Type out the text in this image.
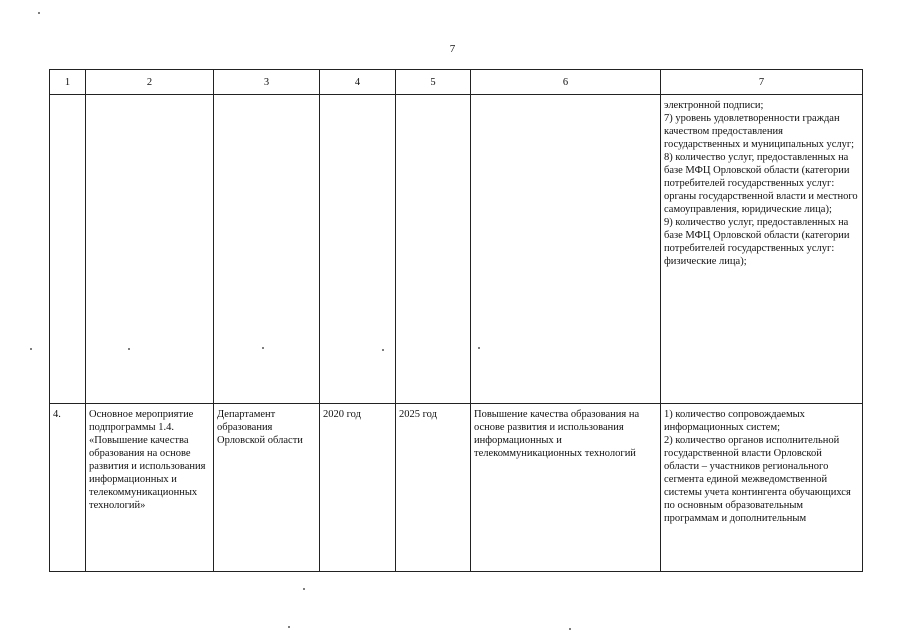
7
1	2	3	4	5	6	7

						электронной подписи;

7) уровень удовлетворенности граждан качеством предоставления государственных и муниципальных услуг;

8) количество услуг, предоставленных на базе МФЦ Орловской области (категории потребителей государственных услуг: органы государственной власти и местного самоуправления, юридические лица);

9) количество услуг, предоставленных на базе МФЦ Орловской области (категории потребителей государственных услуг: физические лица);

4.	Основное мероприятие подпрограммы 1.4. «Повышение качества образования на основе развития и использования информационных и телекоммуникационных технологий»	Департамент образования Орловской области	2020 год	2025 год	Повышение качества образования на основе развития и использования информационных и телекоммуникационных технологий	1) количество сопровождаемых информационных систем;

2) количество органов исполнительной государственной власти Орловской области – участников регионального сегмента единой межведомственной системы учета контингента обучающихся по основным образовательным программам и дополнительным
